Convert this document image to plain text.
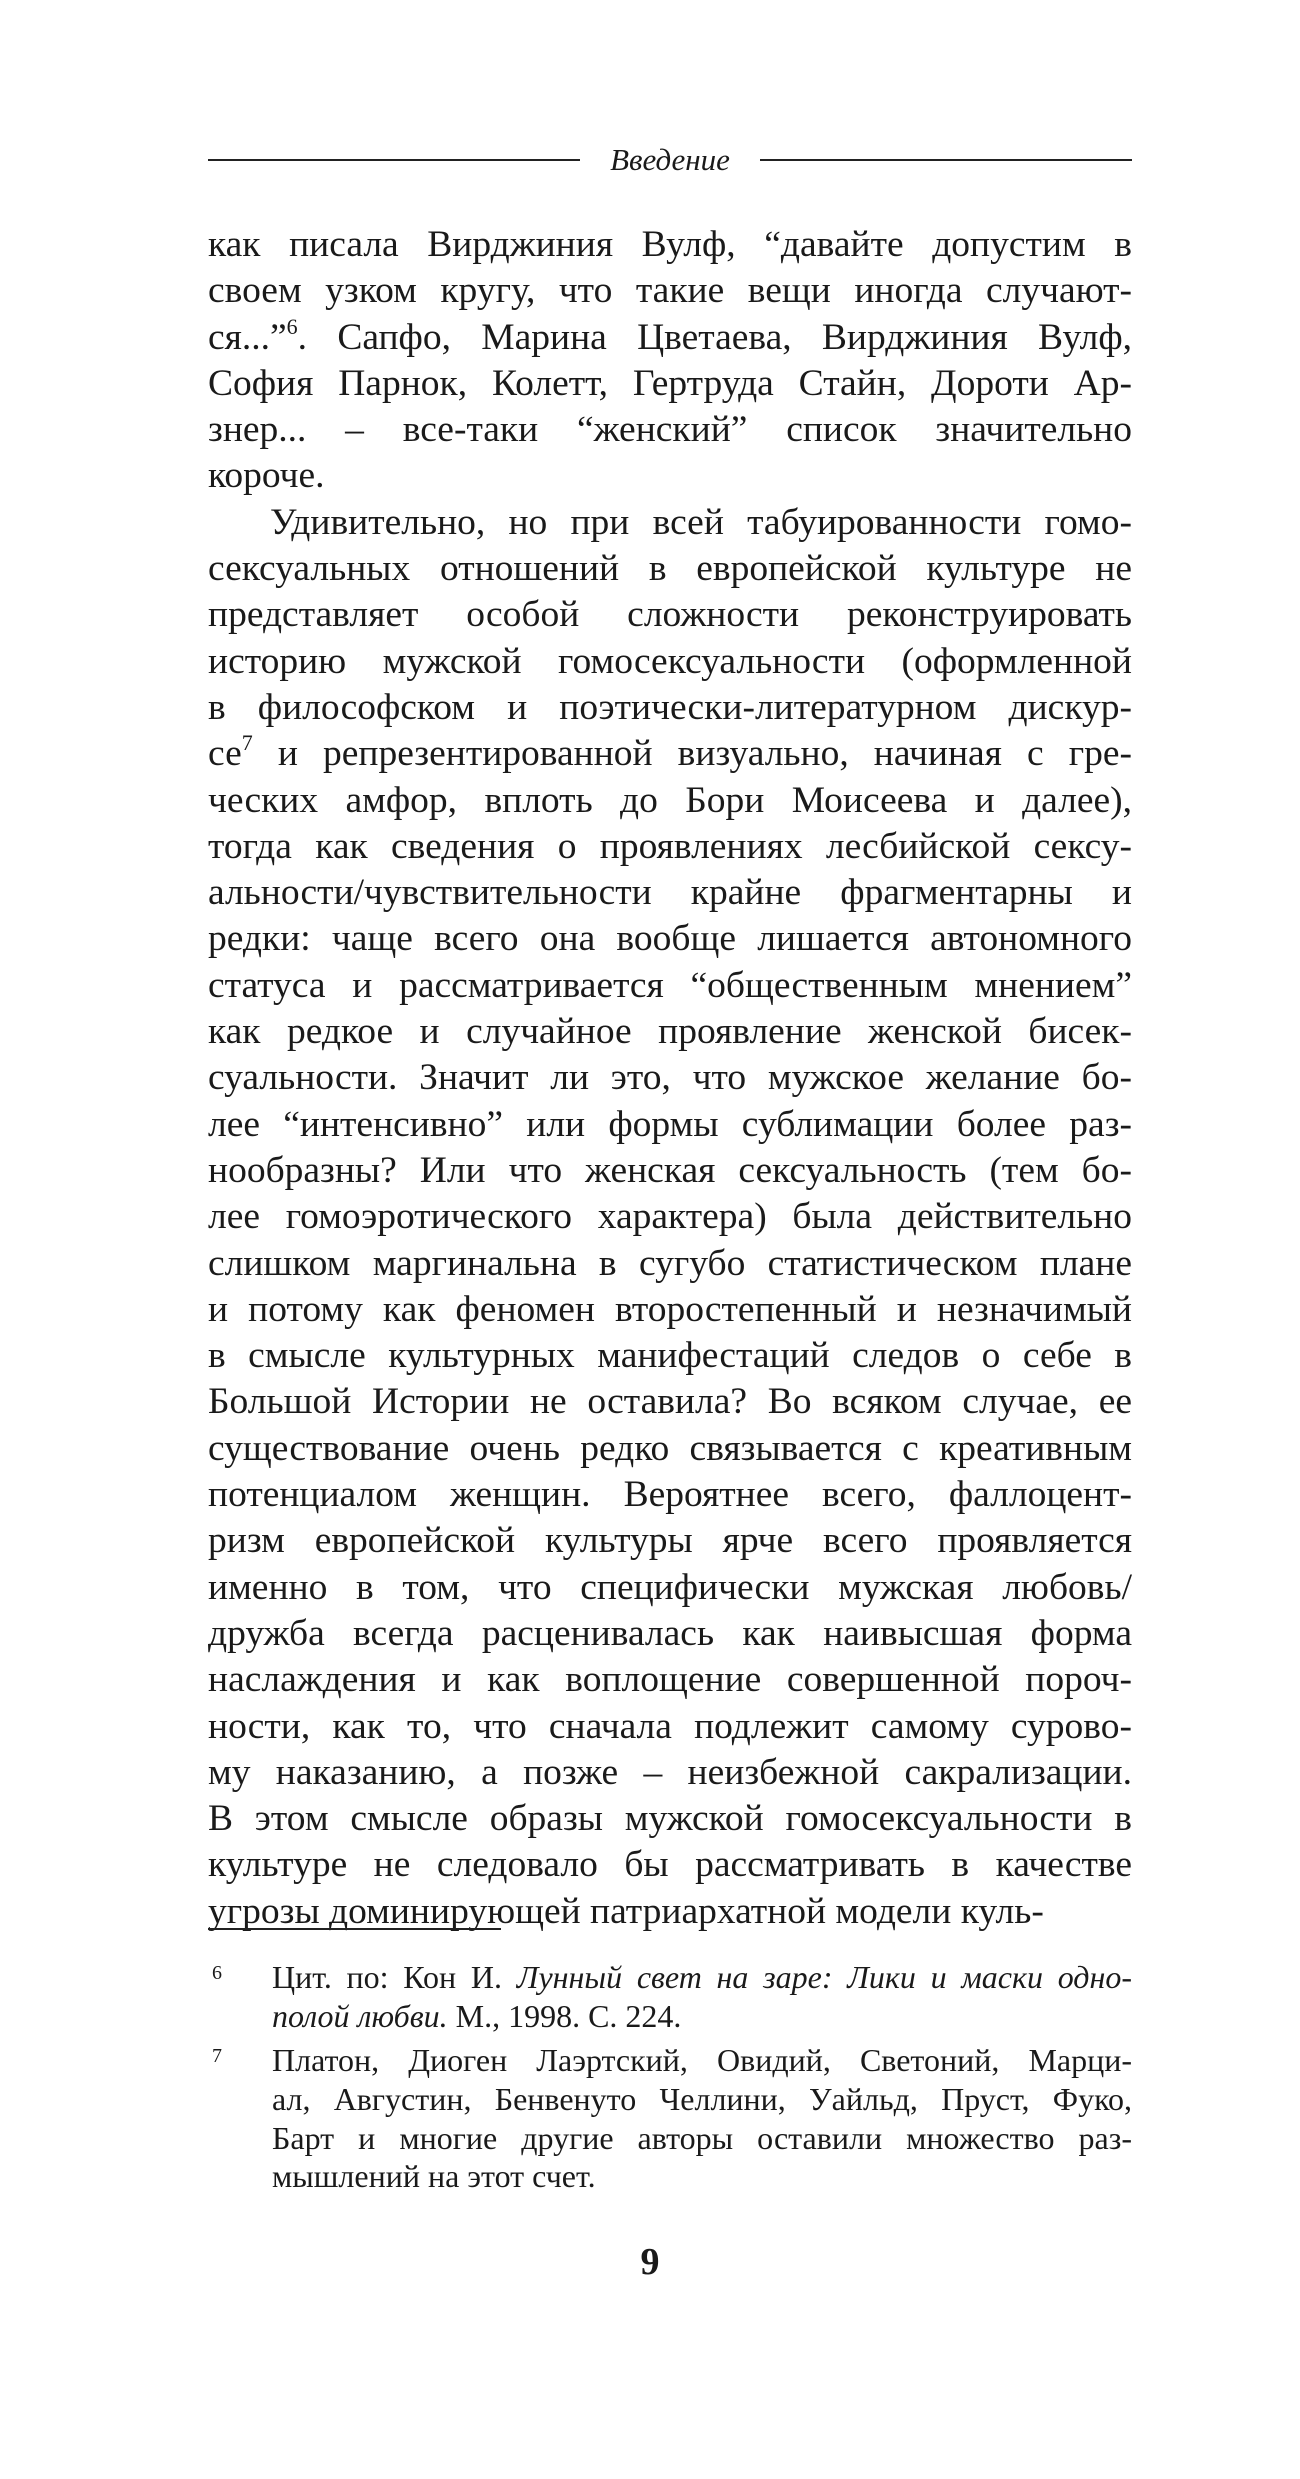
Введение
как писала Вирджиния Вулф, “давайте допустим в
своем узком кругу, что такие вещи иногда случают-
ся...”$^6$. Сапфо, Марина Цветаева, Вирджиния Вулф,
София Парнок, Колетт, Гертруда Стайн, Дороти Ар-
знер... – все-таки “женский” список значительно
короче.
Удивительно, но при всей табуированности гомо-
сексуальных отношений в европейской культуре не
представляет особой сложности реконструировать
историю мужской гомосексуальности (оформленной
в философском и поэтически-литературном дискур-
се$^7$ и репрезентированной визуально, начиная с гре-
ческих амфор, вплоть до Бори Моисеева и далее),
тогда как сведения о проявлениях лесбийской сексу-
альности/чувствительности крайне фрагментарны и
редки: чаще всего она вообще лишается автономного
статуса и рассматривается “общественным мнением”
как редкое и случайное проявление женской бисек-
суальности. Значит ли это, что мужское желание бо-
лее “интенсивно” или формы сублимации более раз-
нообразны? Или что женская сексуальность (тем бо-
лее гомоэротического характера) была действительно
слишком маргинальна в сугубо статистическом плане
и потому как феномен второстепенный и незначимый
в смысле культурных манифестаций следов о себе в
Большой Истории не оставила? Во всяком случае, ее
существование очень редко связывается с креативным
потенциалом женщин. Вероятнее всего, фаллоцент-
ризм европейской культуры ярче всего проявляется
именно в том, что специфически мужская любовь/
дружба всегда расценивалась как наивысшая форма
наслаждения и как воплощение совершенной пороч-
ности, как то, что сначала подлежит самому сурово-
му наказанию, а позже – неизбежной сакрализации.
В этом смысле образы мужской гомосексуальности в
культуре не следовало бы рассматривать в качестве
угрозы доминирующей патриархатной модели куль-
6 Цит. по: Кон И. Лунный свет на заре: Лики и маски одно-
полой любви. М., 1998. С. 224.
7 Платон, Диоген Лаэртский, Овидий, Светоний, Марци-
ал, Августин, Бенвенуто Челлини, Уайльд, Пруст, Фуко,
Барт и многие другие авторы оставили множество раз-
мышлений на этот счет.
9
